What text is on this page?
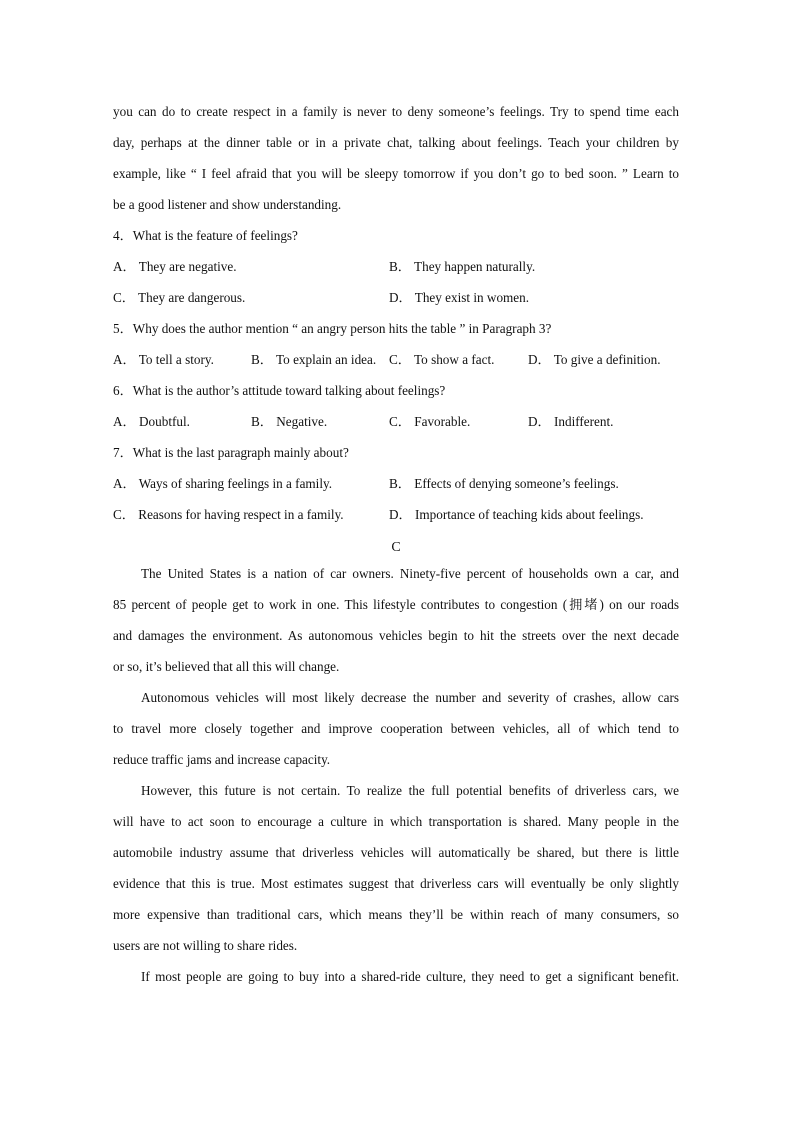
you can do to create respect in a family is never to deny someone’s feelings. Try to spend time each
day, perhaps at the dinner table or in a private chat, talking about feelings. Teach your children by
example, like “ I feel afraid that you will be sleepy tomorrow if you don’t go to bed soon. ” Learn to
be a good listener and show understanding.
4．What is the feature of feelings?
A． They are negative.	B． They happen naturally.
C． They are dangerous.	D． They exist in women.
5．Why does the author mention “ an angry person hits the table ” in Paragraph 3?
A． To tell a story.	B． To explain an idea. C． To show a fact.	D． To give a definition.
6．What is the author’s attitude toward talking about feelings?
A． Doubtful.	B． Negative.	C． Favorable.	D． Indifferent.
7．What is the last paragraph mainly about?
A． Ways of sharing feelings in a family.	B． Effects of denying someone’s feelings.
C． Reasons for having respect in a family.	D． Importance of teaching kids about feelings.
C
The United States is a nation of car owners. Ninety-five percent of households own a car, and
85 percent of people get to work in one. This lifestyle contributes to congestion (拥堵) on our roads
and damages the environment. As autonomous vehicles begin to hit the streets over the next decade
or so, it’s believed that all this will change.
Autonomous vehicles will most likely decrease the number and severity of crashes, allow cars
to travel more closely together and improve cooperation between vehicles, all of which tend to
reduce traffic jams and increase capacity.
However, this future is not certain. To realize the full potential benefits of driverless cars, we
will have to act soon to encourage a culture in which transportation is shared. Many people in the
automobile industry assume that driverless vehicles will automatically be shared, but there is little
evidence that this is true. Most estimates suggest that driverless cars will eventually be only slightly
more expensive than traditional cars, which means they’ll be within reach of many consumers, so
users are not willing to share rides.
If most people are going to buy into a shared-ride culture, they need to get a significant benefit.
